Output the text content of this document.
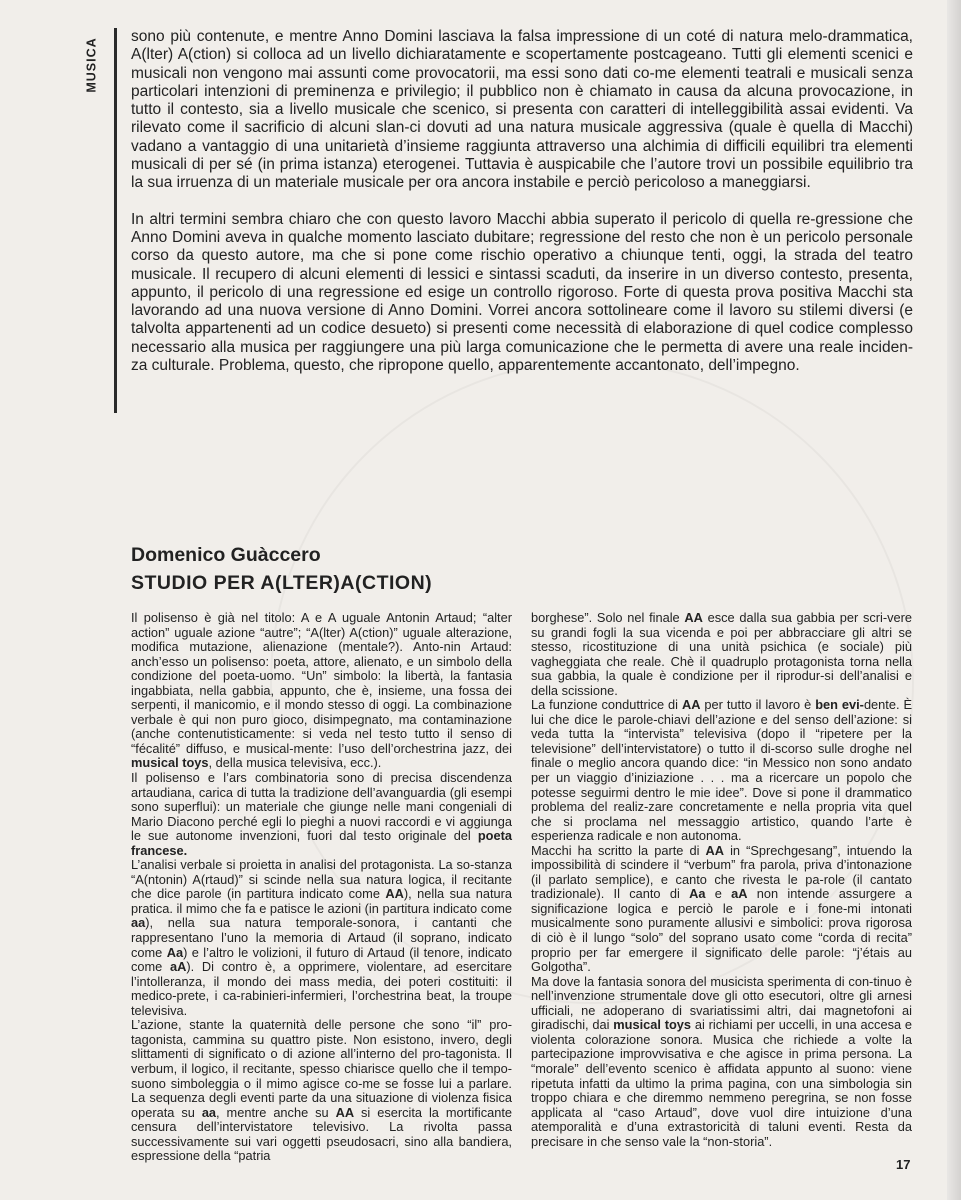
MUSICA

sono più contenute, e mentre Anno Domini lasciava la falsa impressione di un coté di natura melo-drammatica, A(lter) A(ction) si colloca ad un livello dichiaratamente e scopertamente postcageano. Tutti gli elementi scenici e musicali non vengono mai assunti come provocatorii, ma essi sono dati co-me elementi teatrali e musicali senza particolari intenzioni di preminenza e privilegio; il pubblico non è chiamato in causa da alcuna provocazione, in tutto il contesto, sia a livello musicale che scenico, si presenta con caratteri di intelleggibilità assai evidenti. Va rilevato come il sacrificio di alcuni slan-ci dovuti ad una natura musicale aggressiva (quale è quella di Macchi) vadano a vantaggio di una unitarietà d’insieme raggiunta attraverso una alchimia di difficili equilibri tra elementi musicali di per sé (in prima istanza) eterogenei. Tuttavia è auspicabile che l’autore trovi un possibile equilibrio tra la sua irruenza di un materiale musicale per ora ancora instabile e perciò pericoloso a maneggiarsi.

In altri termini sembra chiaro che con questo lavoro Macchi abbia superato il pericolo di quella re-gressione che Anno Domini aveva in qualche momento lasciato dubitare; regressione del resto che non è un pericolo personale corso da questo autore, ma che si pone come rischio operativo a chiunque tenti, oggi, la strada del teatro musicale. Il recupero di alcuni elementi di lessici e sintassi scaduti, da inserire in un diverso contesto, presenta, appunto, il pericolo di una regressione ed esige un controllo rigoroso. Forte di questa prova positiva Macchi sta lavorando ad una nuova versione di Anno Domini. Vorrei ancora sottolineare come il lavoro su stilemi diversi (e talvolta appartenenti ad un codice desueto) si presenti come necessità di elaborazione di quel codice complesso necessario alla musica per raggiungere una più larga comunicazione che le permetta di avere una reale inciden-za culturale. Problema, questo, che ripropone quello, apparentemente accantonato, dell’impegno.

Domenico Guàccero
STUDIO PER A(LTER)A(CTION)

Il polisenso è già nel titolo: A e A uguale Antonin Artaud; “alter action” uguale azione “autre”; “A(lter) A(ction)” uguale alterazione, modifica mutazione, alienazione (mentale?). Anto-nin Artaud: anch’esso un polisenso: poeta, attore, alienato, e un simbolo della condizione del poeta-uomo. “Un” simbolo: la libertà, la fantasia ingabbiata, nella gabbia, appunto, che è, insieme, una fossa dei serpenti, il manicomio, e il mondo stesso di oggi. La combinazione verbale è qui non puro gioco, disimpegnato, ma contaminazione (anche contenutisticamente: si veda nel testo tutto il senso di “fécalité” diffuso, e musical-mente: l’uso dell’orchestrina jazz, dei musical toys, della musica televisiva, ecc.).

Il polisenso e l’ars combinatoria sono di precisa discendenza artaudiana, carica di tutta la tradizione dell’avanguardia (gli esempi sono superflui): un materiale che giunge nelle mani congeniali di Mario Diacono perché egli lo pieghi a nuovi raccordi e vi aggiunga le sue autonome invenzioni, fuori dal testo originale del poeta francese.

L’analisi verbale si proietta in analisi del protagonista. La so-stanza “A(ntonin) A(rtaud)” si scinde nella sua natura logica, il recitante che dice parole (in partitura indicato come AA), nella sua natura pratica. il mimo che fa e patisce le azioni (in partitura indicato come aa), nella sua natura temporale-sonora, i cantanti che rappresentano l’uno la memoria di Artaud (il soprano, indicato come Aa) e l’altro le volizioni, il futuro di Artaud (il tenore, indicato come aA). Di contro è, a opprimere, violentare, ad esercitare l’intolleranza, il mondo dei mass media, dei poteri costituiti: il medico-prete, i ca-rabinieri-infermieri, l’orchestrina beat, la troupe televisiva.

L’azione, stante la quaternità delle persone che sono “il” pro-tagonista, cammina su quattro piste. Non esistono, invero, degli slittamenti di significato o di azione all’interno del pro-tagonista. Il verbum, il logico, il recitante, spesso chiarisce quello che il tempo-suono simboleggia o il mimo agisce co-me se fosse lui a parlare. La sequenza degli eventi parte da una situazione di violenza fisica operata su aa, mentre anche su AA si esercita la mortificante censura dell’intervistatore televisivo. La rivolta passa successivamente sui vari oggetti pseudosacri, sino alla bandiera, espressione della “patria

borghese”. Solo nel finale AA esce dalla sua gabbia per scri-vere su grandi fogli la sua vicenda e poi per abbracciare gli altri se stesso, ricostituzione di una unità psichica (e sociale) più vagheggiata che reale. Chè il quadruplo protagonista torna nella sua gabbia, la quale è condizione per il riprodur-si dell’analisi e della scissione.

La funzione conduttrice di AA per tutto il lavoro è ben evi-dente. È lui che dice le parole-chiavi dell’azione e del senso dell’azione: si veda tutta la “intervista” televisiva (dopo il “ripetere per la televisione” dell’intervistatore) o tutto il di-scorso sulle droghe nel finale o meglio ancora quando dice: “in Messico non sono andato per un viaggio d’iniziazione . . . ma a ricercare un popolo che potesse seguirmi dentro le mie idee”. Dove si pone il drammatico problema del realiz-zare concretamente e nella propria vita quel che si proclama nel messaggio artistico, quando l’arte è esperienza radicale e non autonoma.

Macchi ha scritto la parte di AA in “Sprechgesang”, intuendo la impossibilità di scindere il “verbum” fra parola, priva d’intonazione (il parlato semplice), e canto che rivesta le pa-role (il cantato tradizionale). Il canto di Aa e aA non intende assurgere a significazione logica e perciò le parole e i fone-mi intonati musicalmente sono puramente allusivi e simbolici: prova rigorosa di ciò è il lungo “solo” del soprano usato come “corda di recita” proprio per far emergere il significato delle parole: “j’étais au Golgotha”.

Ma dove la fantasia sonora del musicista sperimenta di con-tinuo è nell’invenzione strumentale dove gli otto esecutori, oltre gli arnesi ufficiali, ne adoperano di svariatissimi altri, dai magnetofoni ai giradischi, dai musical toys ai richiami per uccelli, in una accesa e violenta colorazione sonora. Musica che richiede a volte la partecipazione improvvisativa e che agisce in prima persona. La “morale” dell’evento scenico è affidata appunto al suono: viene ripetuta infatti da ultimo la prima pagina, con una simbologia sin troppo chiara e che diremmo nemmeno peregrina, se non fosse applicata al “caso Artaud”, dove vuol dire intuizione d’una atemporalità e d’una extrastoricità di taluni eventi. Resta da precisare in che senso vale la “non-storia”.

17
